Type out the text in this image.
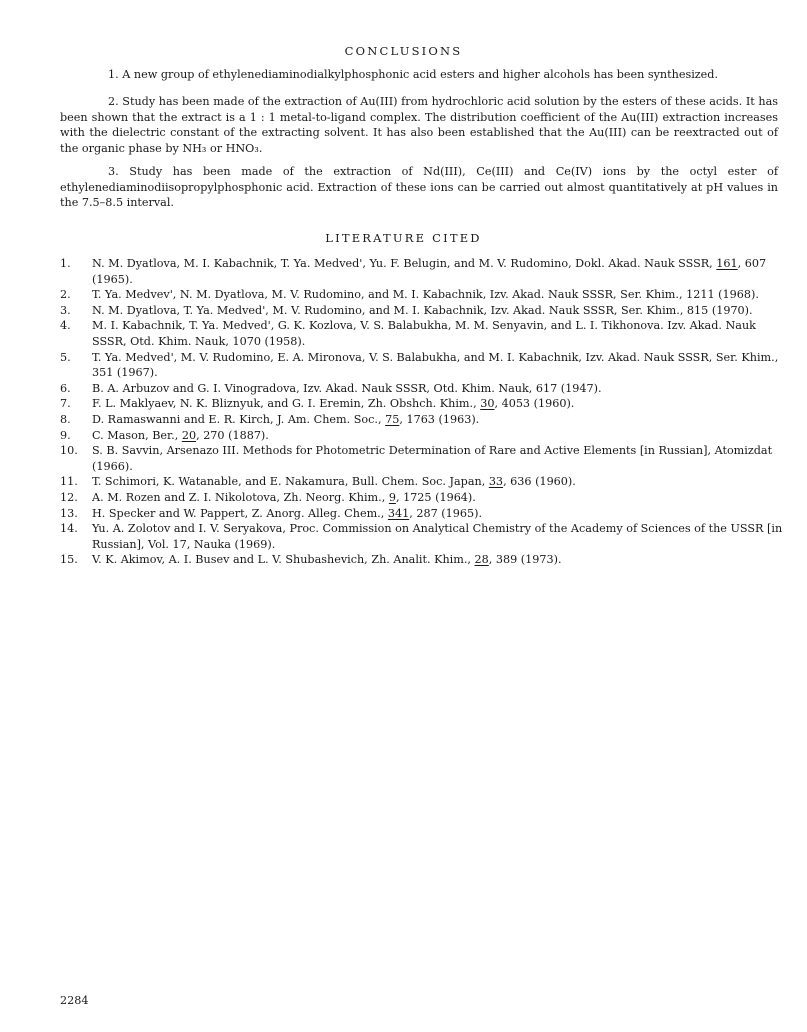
CONCLUSIONS

1. A new group of ethylenediaminodialkylphosphonic acid esters and higher alcohols has been synthesized.

2. Study has been made of the extraction of Au(III) from hydrochloric acid solution by the esters of these acids. It has been shown that the extract is a 1 : 1 metal-to-ligand complex. The distribution coefficient of the Au(III) extraction increases with the dielectric constant of the extracting solvent. It has also been established that the Au(III) can be reextracted out of the organic phase by NH₃ or HNO₃.

3. Study has been made of the extraction of Nd(III), Ce(III) and Ce(IV) ions by the octyl ester of ethylenediaminodiisopropylphosphonic acid. Extraction of these ions can be carried out almost quantitatively at pH values in the 7.5–8.5 interval.

LITERATURE CITED
1.	N. M. Dyatlova, M. I. Kabachnik, T. Ya. Medved', Yu. F. Belugin, and M. V. Rudomino, Dokl. Akad. Nauk SSSR, 161, 607 (1965).
2.	T. Ya. Medvev', N. M. Dyatlova, M. V. Rudomino, and M. I. Kabachnik, Izv. Akad. Nauk SSSR, Ser. Khim., 1211 (1968).
3.	N. M. Dyatlova, T. Ya. Medved', M. V. Rudomino, and M. I. Kabachnik, Izv. Akad. Nauk SSSR, Ser. Khim., 815 (1970).
4.	M. I. Kabachnik, T. Ya. Medved', G. K. Kozlova, V. S. Balabukha, M. M. Senyavin, and L. I. Tikhonova. Izv. Akad. Nauk SSSR, Otd. Khim. Nauk, 1070 (1958).
5.	T. Ya. Medved', M. V. Rudomino, E. A. Mironova, V. S. Balabukha, and M. I. Kabachnik, Izv. Akad. Nauk SSSR, Ser. Khim., 351 (1967).
6.	B. A. Arbuzov and G. I. Vinogradova, Izv. Akad. Nauk SSSR, Otd. Khim. Nauk, 617 (1947).
7.	F. L. Maklyaev, N. K. Bliznyuk, and G. I. Eremin, Zh. Obshch. Khim., 30, 4053 (1960).
8.	D. Ramaswanni and E. R. Kirch, J. Am. Chem. Soc., 75, 1763 (1963).
9.	C. Mason, Ber., 20, 270 (1887).
10.	S. B. Savvin, Arsenazo III. Methods for Photometric Determination of Rare and Active Elements [in Russian], Atomizdat (1966).
11.	T. Schimori, K. Watanable, and E. Nakamura, Bull. Chem. Soc. Japan, 33, 636 (1960).
12.	A. M. Rozen and Z. I. Nikolotova, Zh. Neorg. Khim., 9, 1725 (1964).
13.	H. Specker and W. Pappert, Z. Anorg. Alleg. Chem., 341, 287 (1965).
14.	Yu. A. Zolotov and I. V. Seryakova, Proc. Commission on Analytical Chemistry of the Academy of Sciences of the USSR [in Russian], Vol. 17, Nauka (1969).
15.	V. K. Akimov, A. I. Busev and L. V. Shubashevich, Zh. Analit. Khim., 28, 389 (1973).
2284
